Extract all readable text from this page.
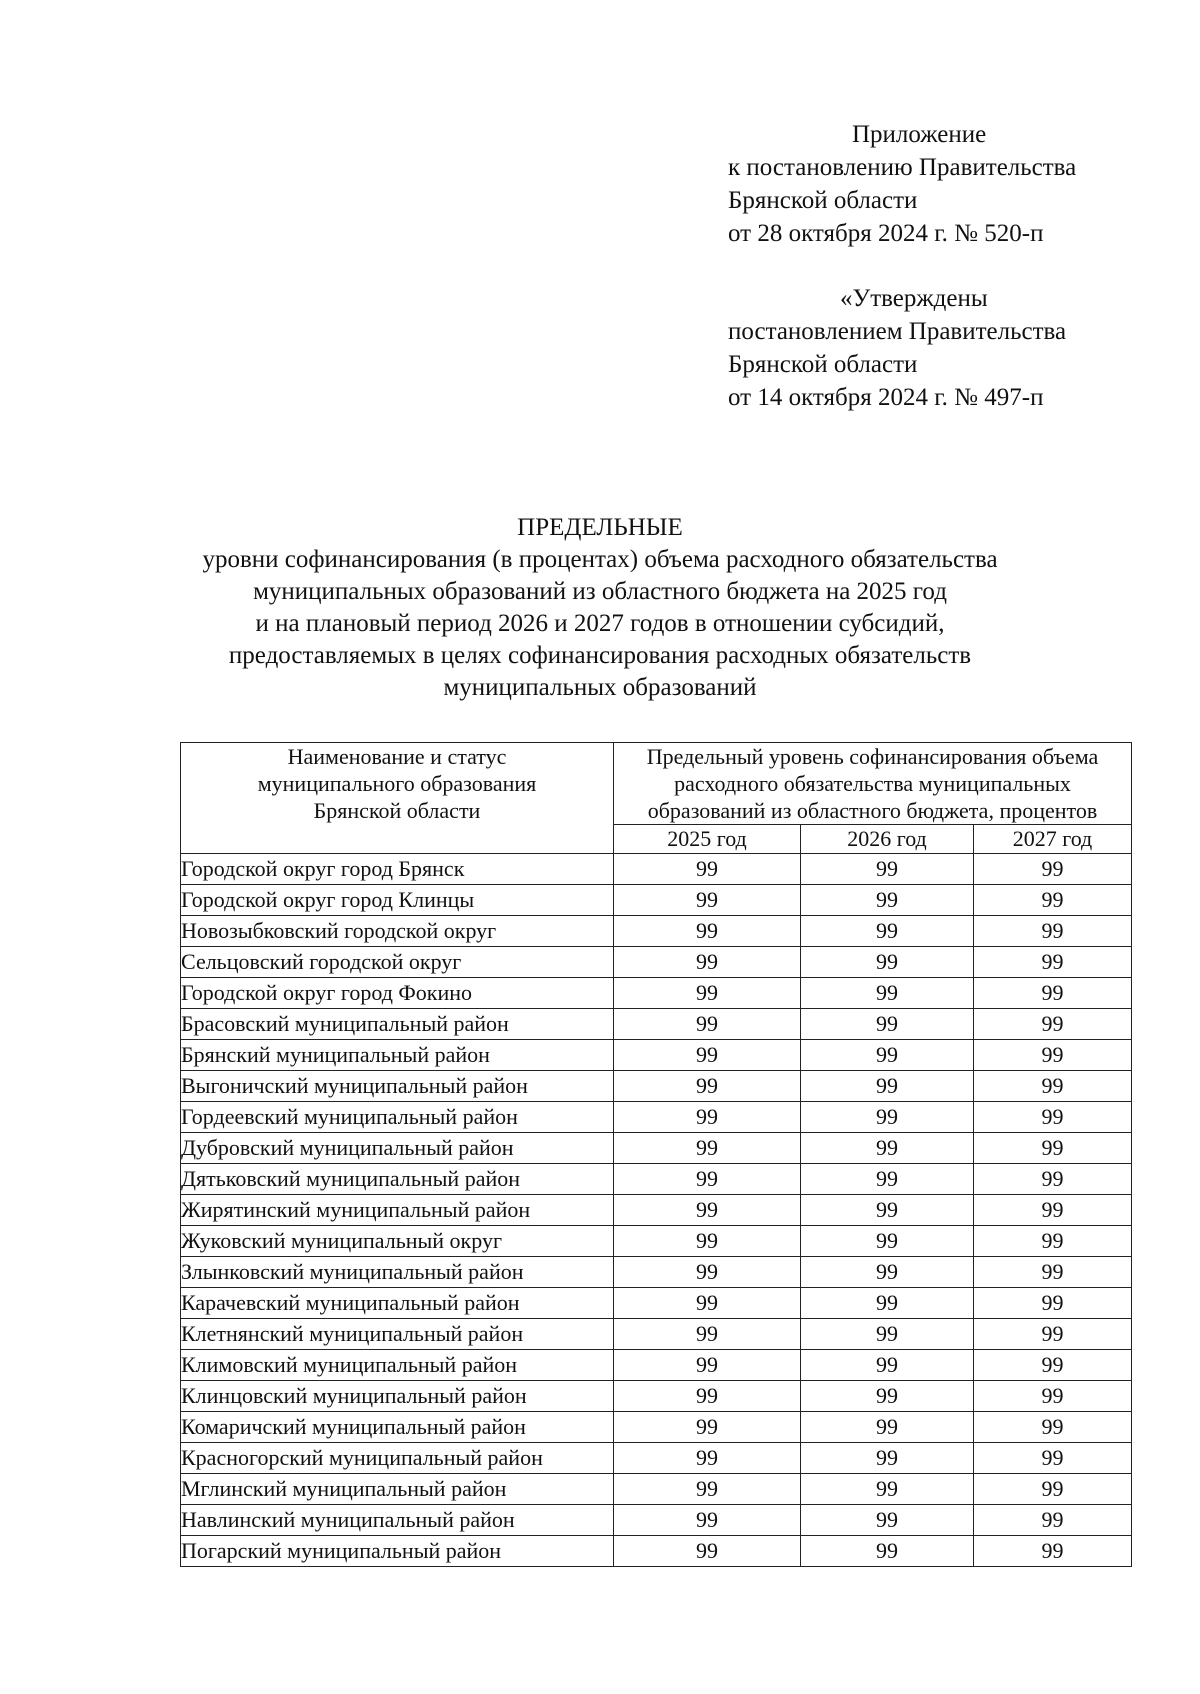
Приложение
к постановлению Правительства
Брянской области
от 28 октября 2024 г. № 520-п
«Утверждены
постановлением Правительства
Брянской области
от 14 октября 2024 г. № 497-п
ПРЕДЕЛЬНЫЕ
уровни софинансирования (в процентах) объема расходного обязательства
муниципальных образований из областного бюджета на 2025 год
и на плановый период 2026 и 2027 годов в отношении субсидий,
предоставляемых в целях софинансирования расходных обязательств
муниципальных образований
Наименование и статус
муниципального образования
Брянской области	Предельный уровень софинансирования объема
расходного обязательства муниципальных
образований из областного бюджета, процентов		

	2025 год	2026 год	2027 год
Городской округ город Брянск	99	99	99
Городской округ город Клинцы	99	99	99
Новозыбковский городской округ	99	99	99
Сельцовский городской округ	99	99	99
Городской округ город Фокино	99	99	99
Брасовский муниципальный район	99	99	99
Брянский муниципальный район	99	99	99
Выгоничский муниципальный район	99	99	99
Гордеевский муниципальный район	99	99	99
Дубровский муниципальный район	99	99	99
Дятьковский муниципальный район	99	99	99
Жирятинский муниципальный район	99	99	99
Жуковский муниципальный округ	99	99	99
Злынковский муниципальный район	99	99	99
Карачевский муниципальный район	99	99	99
Клетнянский муниципальный район	99	99	99
Климовский муниципальный район	99	99	99
Клинцовский муниципальный район	99	99	99
Комаричский муниципальный район	99	99	99
Красногорский муниципальный район	99	99	99
Мглинский муниципальный район	99	99	99
Навлинский муниципальный район	99	99	99
Погарский муниципальный район	99	99	99
